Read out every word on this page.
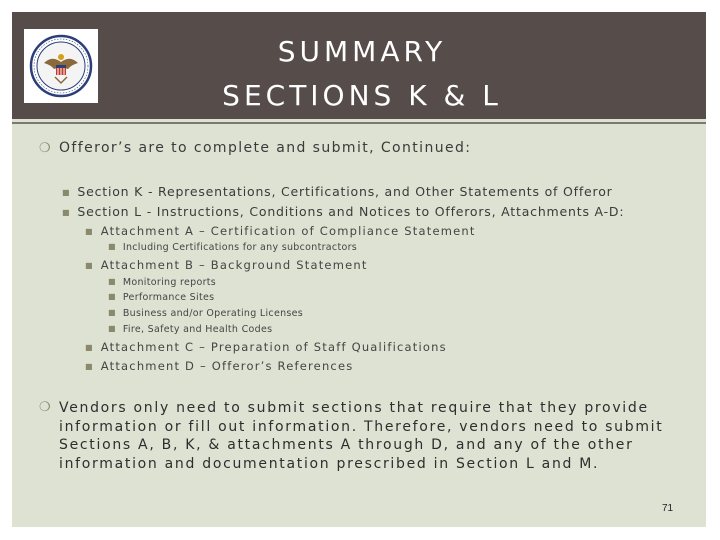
SUMMARY
SECTIONS K & L
❍ Offeror’s are to complete and submit, Continued:
■ Section K - Representations, Certifications, and Other Statements of Offeror
■ Section L - Instructions, Conditions and Notices to Offerors, Attachments A-D:
■ Attachment A – Certification of Compliance Statement
■ Including Certifications for any subcontractors
■ Attachment B – Background Statement
■ Monitoring reports
■ Performance Sites
■ Business and/or Operating Licenses
■ Fire, Safety and Health Codes
■ Attachment C – Preparation of Staff Qualifications
■ Attachment D – Offeror’s References
❍ Vendors only need to submit sections that require that they provide information or fill out information. Therefore, vendors need to submit Sections A, B, K, & attachments A through D, and any of the other information and documentation prescribed in Section L and M.
71
